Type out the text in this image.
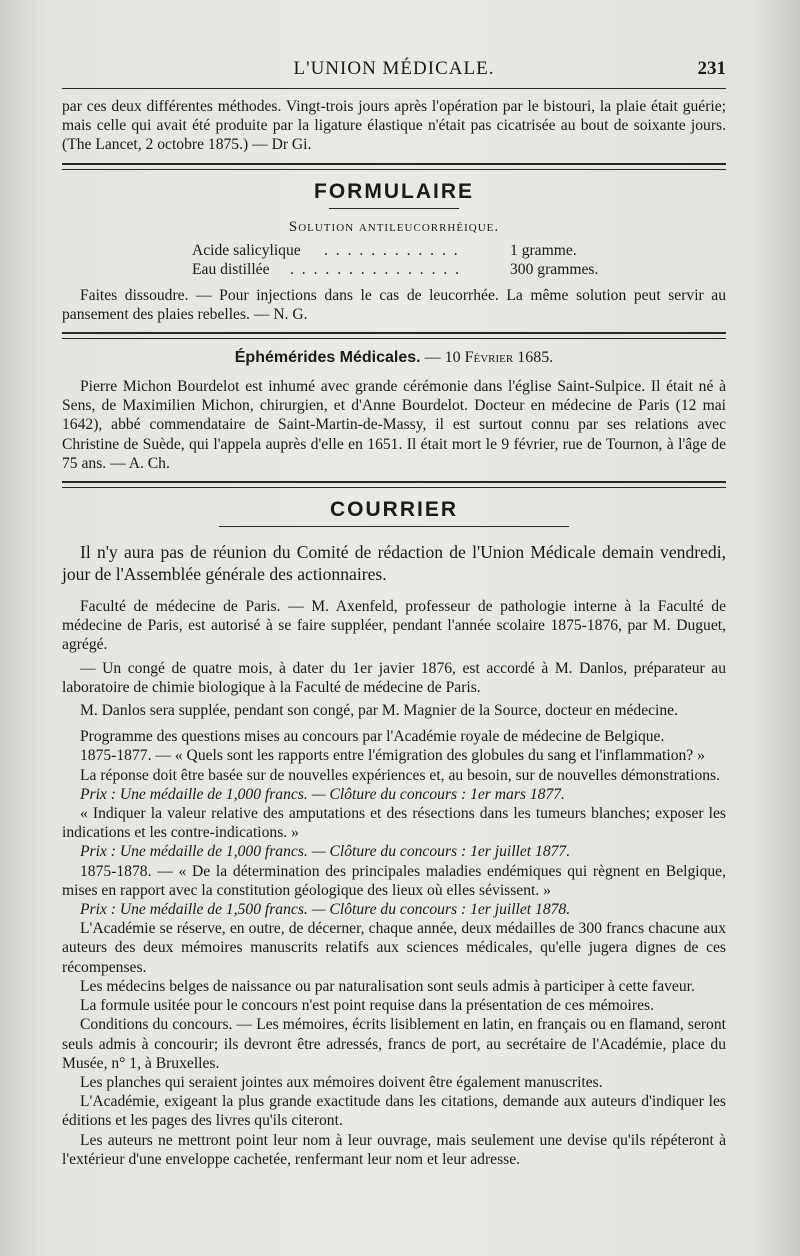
L'UNION MÉDICALE.	231

par ces deux différentes méthodes. Vingt-trois jours après l'opération par le bistouri, la plaie était guérie; mais celle qui avait été produite par la ligature élastique n'était pas cicatrisée au bout de soixante jours. (The Lancet, 2 octobre 1875.) — Dr Gi.

FORMULAIRE
Solution antileucorrhéique.
Acide salicylique . . . . . . . . . . . .	1 gramme.
Eau distillée . . . . . . . . . . . . . . .	300 grammes.

Faites dissoudre. — Pour injections dans le cas de leucorrhée. La même solution peut servir au pansement des plaies rebelles. — N. G.

Éphémérides Médicales. — 10 Février 1685.

Pierre Michon Bourdelot est inhumé avec grande cérémonie dans l'église Saint-Sulpice. Il était né à Sens, de Maximilien Michon, chirurgien, et d'Anne Bourdelot. Docteur en médecine de Paris (12 mai 1642), abbé commendataire de Saint-Martin-de-Massy, il est surtout connu par ses relations avec Christine de Suède, qui l'appela auprès d'elle en 1651. Il était mort le 9 février, rue de Tournon, à l'âge de 75 ans. — A. Ch.

COURRIER

Il n'y aura pas de réunion du Comité de rédaction de l'Union Médicale demain vendredi, jour de l'Assemblée générale des actionnaires.

Faculté de médecine de Paris. — M. Axenfeld, professeur de pathologie interne à la Faculté de médecine de Paris, est autorisé à se faire suppléer, pendant l'année scolaire 1875-1876, par M. Duguet, agrégé.

— Un congé de quatre mois, à dater du 1er javier 1876, est accordé à M. Danlos, préparateur au laboratoire de chimie biologique à la Faculté de médecine de Paris.

M. Danlos sera supplée, pendant son congé, par M. Magnier de la Source, docteur en médecine.

Programme des questions mises au concours par l'Académie royale de médecine de Belgique.

1875-1877. — « Quels sont les rapports entre l'émigration des globules du sang et l'inflammation? »

La réponse doit être basée sur de nouvelles expériences et, au besoin, sur de nouvelles démonstrations.

Prix : Une médaille de 1,000 francs. — Clôture du concours : 1er mars 1877.

« Indiquer la valeur relative des amputations et des résections dans les tumeurs blanches; exposer les indications et les contre-indications. »

Prix : Une médaille de 1,000 francs. — Clôture du concours : 1er juillet 1877.

1875-1878. — « De la détermination des principales maladies endémiques qui règnent en Belgique, mises en rapport avec la constitution géologique des lieux où elles sévissent. »

Prix : Une médaille de 1,500 francs. — Clôture du concours : 1er juillet 1878.

L'Académie se réserve, en outre, de décerner, chaque année, deux médailles de 300 francs chacune aux auteurs des deux mémoires manuscrits relatifs aux sciences médicales, qu'elle jugera dignes de ces récompenses.

Les médecins belges de naissance ou par naturalisation sont seuls admis à participer à cette faveur.

La formule usitée pour le concours n'est point requise dans la présentation de ces mémoires.

Conditions du concours. — Les mémoires, écrits lisiblement en latin, en français ou en flamand, seront seuls admis à concourir; ils devront être adressés, francs de port, au secrétaire de l'Académie, place du Musée, n° 1, à Bruxelles.

Les planches qui seraient jointes aux mémoires doivent être également manuscrites.

L'Académie, exigeant la plus grande exactitude dans les citations, demande aux auteurs d'indiquer les éditions et les pages des livres qu'ils citeront.

Les auteurs ne mettront point leur nom à leur ouvrage, mais seulement une devise qu'ils répéteront à l'extérieur d'une enveloppe cachetée, renfermant leur nom et leur adresse.
